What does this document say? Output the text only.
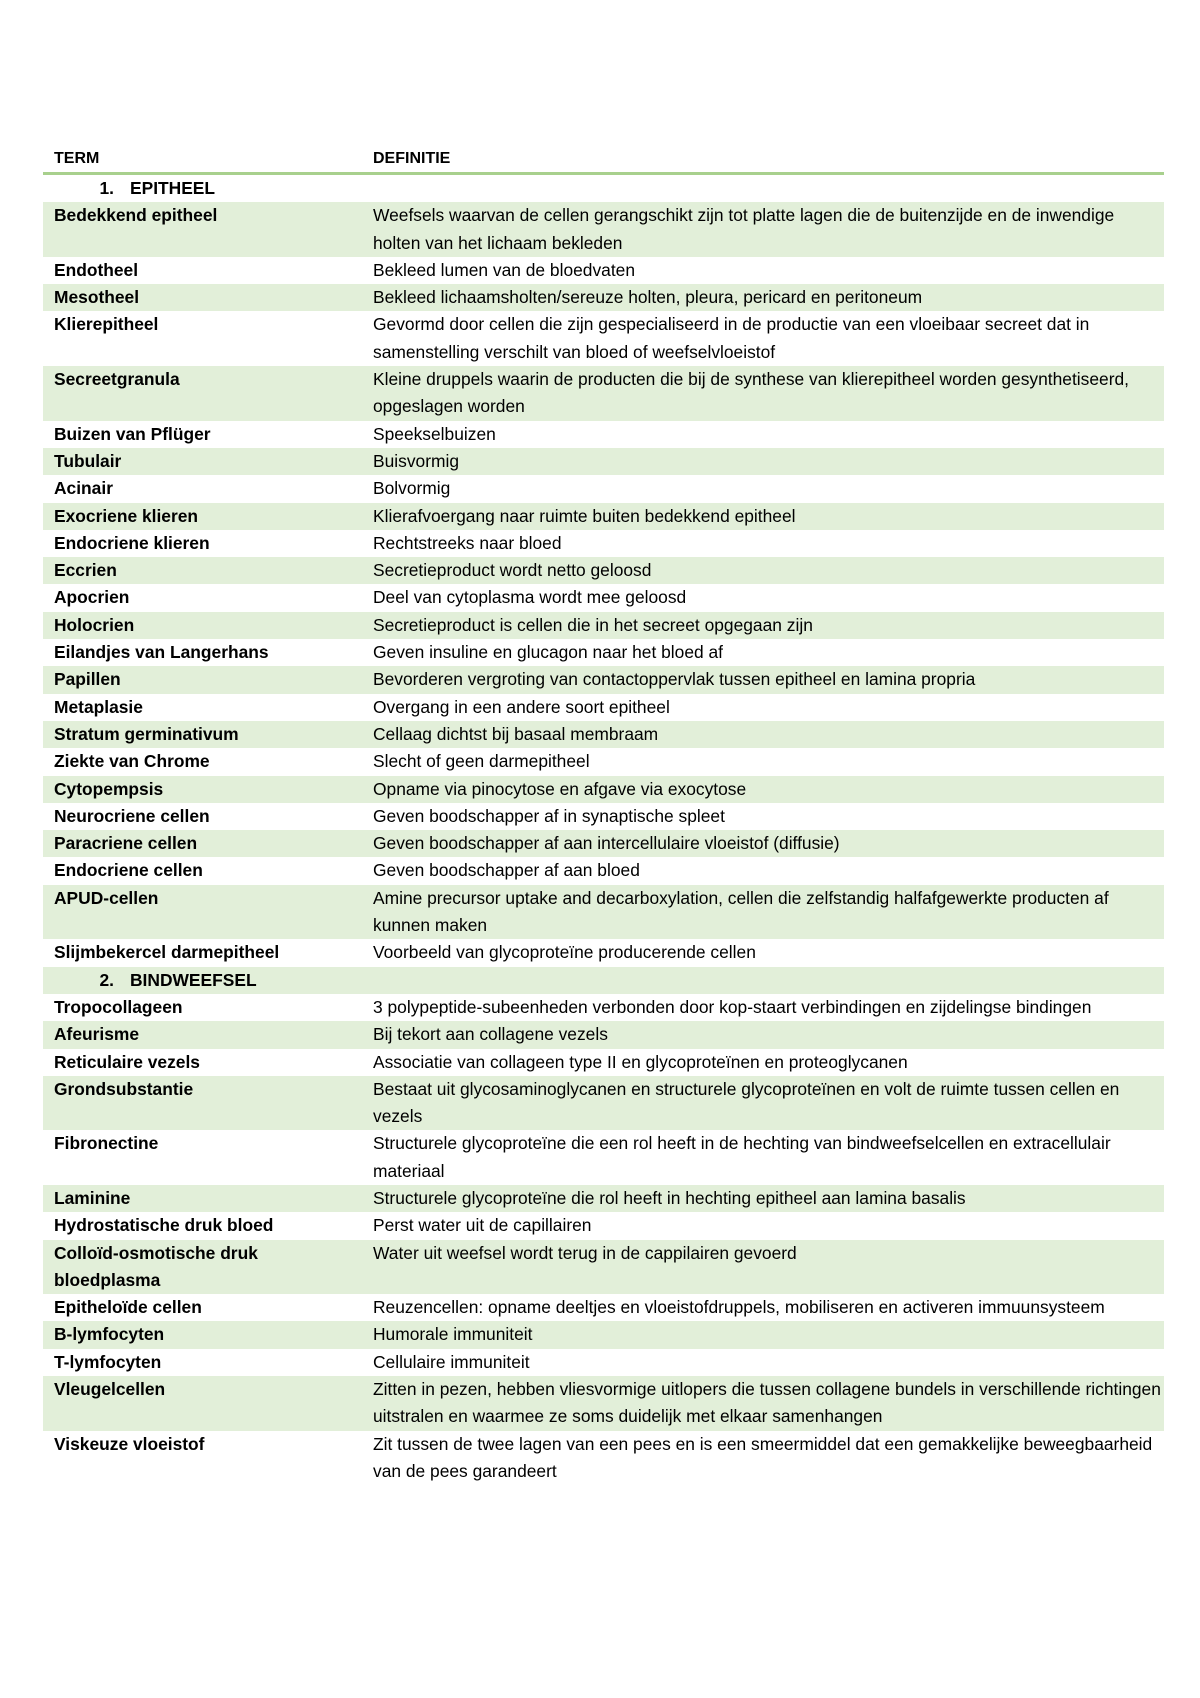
TERM	DEFINITIE
1. EPITHEEL	
Bedekkend epitheel	Weefsels waarvan de cellen gerangschikt zijn tot platte lagen die de buitenzijde en de inwendige holten van het lichaam bekleden
Endotheel	Bekleed lumen van de bloedvaten
Mesotheel	Bekleed lichaamsholten/sereuze holten, pleura, pericard en peritoneum
Klierepitheel	Gevormd door cellen die zijn gespecialiseerd in de productie van een vloeibaar secreet dat in samenstelling verschilt van bloed of weefselvloeistof
Secreetgranula	Kleine druppels waarin de producten die bij de synthese van klierepitheel worden gesynthetiseerd, opgeslagen worden
Buizen van Pflüger	Speekselbuizen
Tubulair	Buisvormig
Acinair	Bolvormig
Exocriene klieren	Klierafvoergang naar ruimte buiten bedekkend epitheel
Endocriene klieren	Rechtstreeks naar bloed
Eccrien	Secretieproduct wordt netto geloosd
Apocrien	Deel van cytoplasma wordt mee geloosd
Holocrien	Secretieproduct is cellen die in het secreet opgegaan zijn
Eilandjes van Langerhans	Geven insuline en glucagon naar het bloed af
Papillen	Bevorderen vergroting van contactoppervlak tussen epitheel en lamina propria
Metaplasie	Overgang in een andere soort epitheel
Stratum germinativum	Cellaag dichtst bij basaal membraam
Ziekte van Chrome	Slecht of geen darmepitheel
Cytopempsis	Opname via pinocytose en afgave via exocytose
Neurocriene cellen	Geven boodschapper af in synaptische spleet
Paracriene cellen	Geven boodschapper af aan intercellulaire vloeistof (diffusie)
Endocriene cellen	Geven boodschapper af aan bloed
APUD-cellen	Amine precursor uptake and decarboxylation, cellen die zelfstandig halfafgewerkte producten af kunnen maken
Slijmbekercel darmepitheel	Voorbeeld van glycoproteïne producerende cellen
2. BINDWEEFSEL	
Tropocollageen	3 polypeptide-subeenheden verbonden door kop-staart verbindingen en zijdelingse bindingen
Afeurisme	Bij tekort aan collagene vezels
Reticulaire vezels	Associatie van collageen type II en glycoproteïnen en proteoglycanen
Grondsubstantie	Bestaat uit glycosaminoglycanen en structurele glycoproteïnen en volt de ruimte tussen cellen en vezels
Fibronectine	Structurele glycoproteïne die een rol heeft in de hechting van bindweefselcellen en extracellulair materiaal
Laminine	Structurele glycoproteïne die rol heeft in hechting epitheel aan lamina basalis
Hydrostatische druk bloed	Perst water uit de capillairen
Colloïd-osmotische druk bloedplasma	Water uit weefsel wordt terug in de cappilairen gevoerd
Epitheloïde cellen	Reuzencellen: opname deeltjes en vloeistofdruppels, mobiliseren en activeren immuunsysteem
B-lymfocyten	Humorale immuniteit
T-lymfocyten	Cellulaire immuniteit
Vleugelcellen	Zitten in pezen, hebben vliesvormige uitlopers die tussen collagene bundels in verschillende richtingen uitstralen en waarmee ze soms duidelijk met elkaar samenhangen
Viskeuze vloeistof	Zit tussen de twee lagen van een pees en is een smeermiddel dat een gemakkelijke beweegbaarheid van de pees garandeert
